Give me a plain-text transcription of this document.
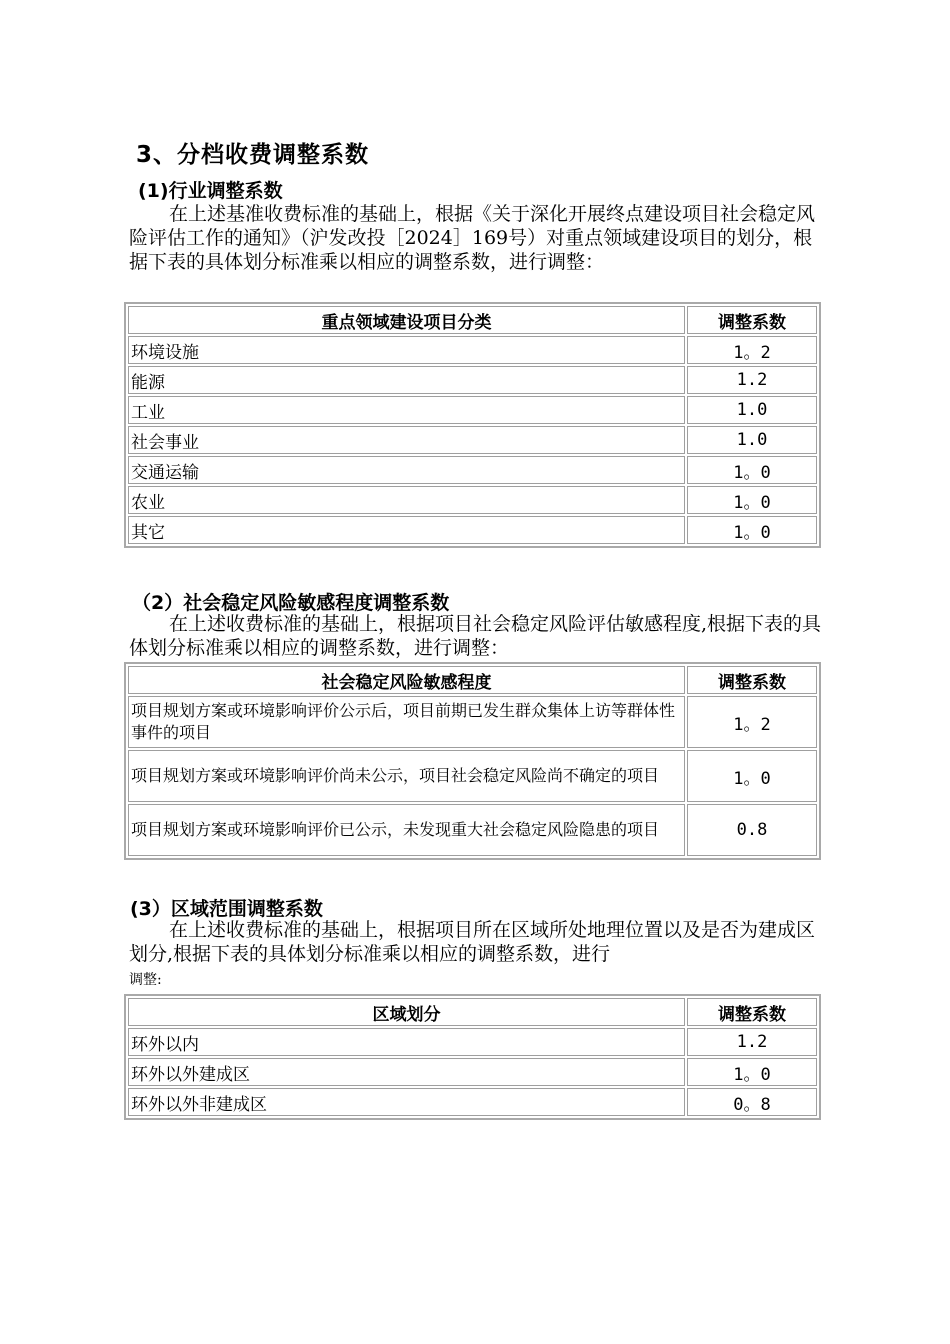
3、分档收费调整系数
(1)行业调整系数

在上述基准收费标准的基础上，根据《关于深化开展终点建设项目社会稳定风险评估工作的通知》（沪发改投［2024］169号）对重点领域建设项目的划分，根据下表的具体划分标准乘以相应的调整系数，进行调整：

重点领域建设项目分类	调整系数
环境设施	1。2
能源	1.2
工业	1.0
社会事业	1.0
交通运输	1。0
农业	1。0
其它	1。0
（2）社会稳定风险敏感程度调整系数

在上述收费标准的基础上，根据项目社会稳定风险评估敏感程度,根据下表的具体划分标准乘以相应的调整系数，进行调整：

社会稳定风险敏感程度	调整系数
项目规划方案或环境影响评价公示后，项目前期已发生群众集体上访等群体性事件的项目	1。2
项目规划方案或环境影响评价尚未公示，项目社会稳定风险尚不确定的项目	1。0
项目规划方案或环境影响评价已公示，未发现重大社会稳定风险隐患的项目	0.8
(3）区域范围调整系数

在上述收费标准的基础上，根据项目所在区域所处地理位置以及是否为建成区划分,根据下表的具体划分标准乘以相应的调整系数，进行

调整:
区域划分	调整系数
环外以内	1.2
环外以外建成区	1。0
环外以外非建成区	0。8
